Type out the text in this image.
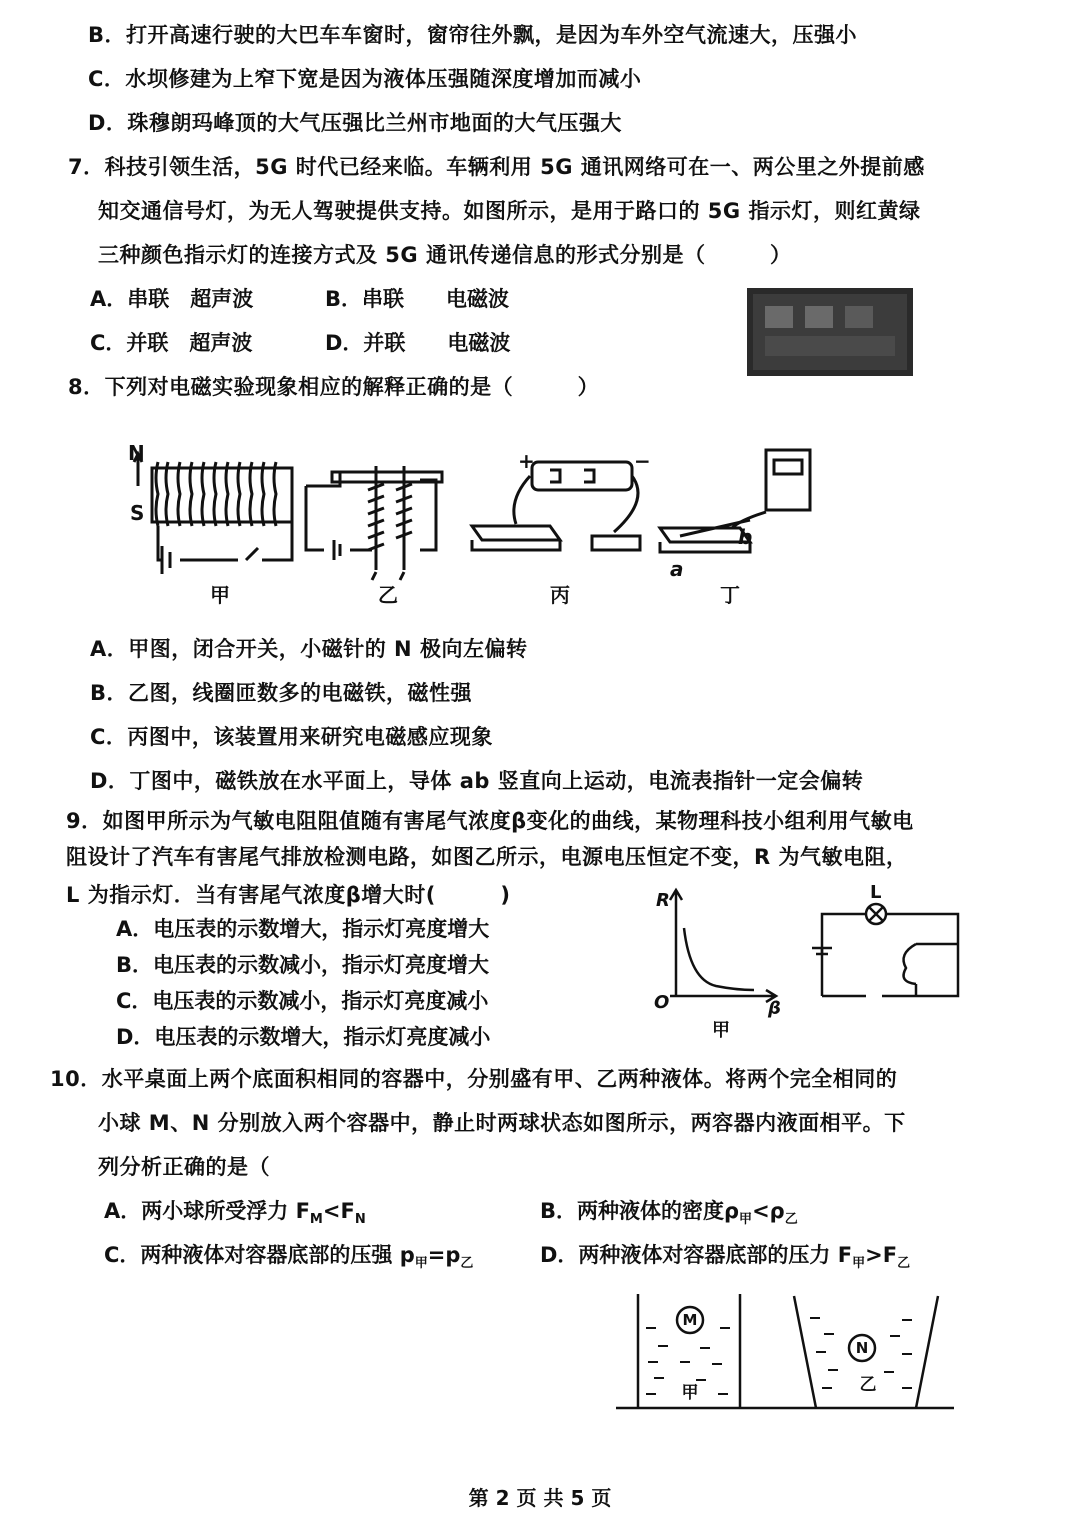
B．打开高速行驶的大巴车车窗时，窗帘往外飘，是因为车外空气流速大，压强小
C．水坝修建为上窄下宽是因为液体压强随深度增加而减小
D．珠穆朗玛峰顶的大气压强比兰州市地面的大气压强大
7．科技引领生活，5G 时代已经来临。车辆利用 5G 通讯网络可在一、两公里之外提前感
知交通信号灯，为无人驾驶提供支持。如图所示，是用于路口的 5G 指示灯，则红黄绿
三种颜色指示灯的连接方式及 5G 通讯传递信息的形式分别是（　　　）
A．串联　超声波	B．串联　　电磁波
C．并联　超声波	D．并联　　电磁波
8．下列对电磁实验现象相应的解释正确的是（　　　）
N
S
甲	乙	丙	丁
+	−
a
b
A．甲图，闭合开关，小磁针的 N 极向左偏转
B．乙图，线圈匝数多的电磁铁，磁性强
C．丙图中，该装置用来研究电磁感应现象
D．丁图中，磁铁放在水平面上，导体 ab 竖直向上运动，电流表指针一定会偏转
9．如图甲所示为气敏电阻阻值随有害尾气浓度β变化的曲线，某物理科技小组利用气敏电
阻设计了汽车有害尾气排放检测电路，如图乙所示，电源电压恒定不变，R 为气敏电阻，
L 为指示灯．当有害尾气浓度β增大时(　　　)
A．电压表的示数增大，指示灯亮度增大
B．电压表的示数减小，指示灯亮度增大
C．电压表的示数减小，指示灯亮度减小
D．电压表的示数增大，指示灯亮度减小
R
O	β
甲
L
10．水平桌面上两个底面积相同的容器中，分别盛有甲、乙两种液体。将两个完全相同的
小球 M、N 分别放入两个容器中，静止时两球状态如图所示，两容器内液面相平。下
列分析正确的是（
A．两小球所受浮力 $F_M<F_N$	B．两种液体的密度$\rho_甲<\rho_乙$
C．两种液体对容器底部的压强 $p_甲=p_乙$	D．两种液体对容器底部的压力 $F_甲>F_乙$
M
N
甲	乙
第 2 页 共 5 页
